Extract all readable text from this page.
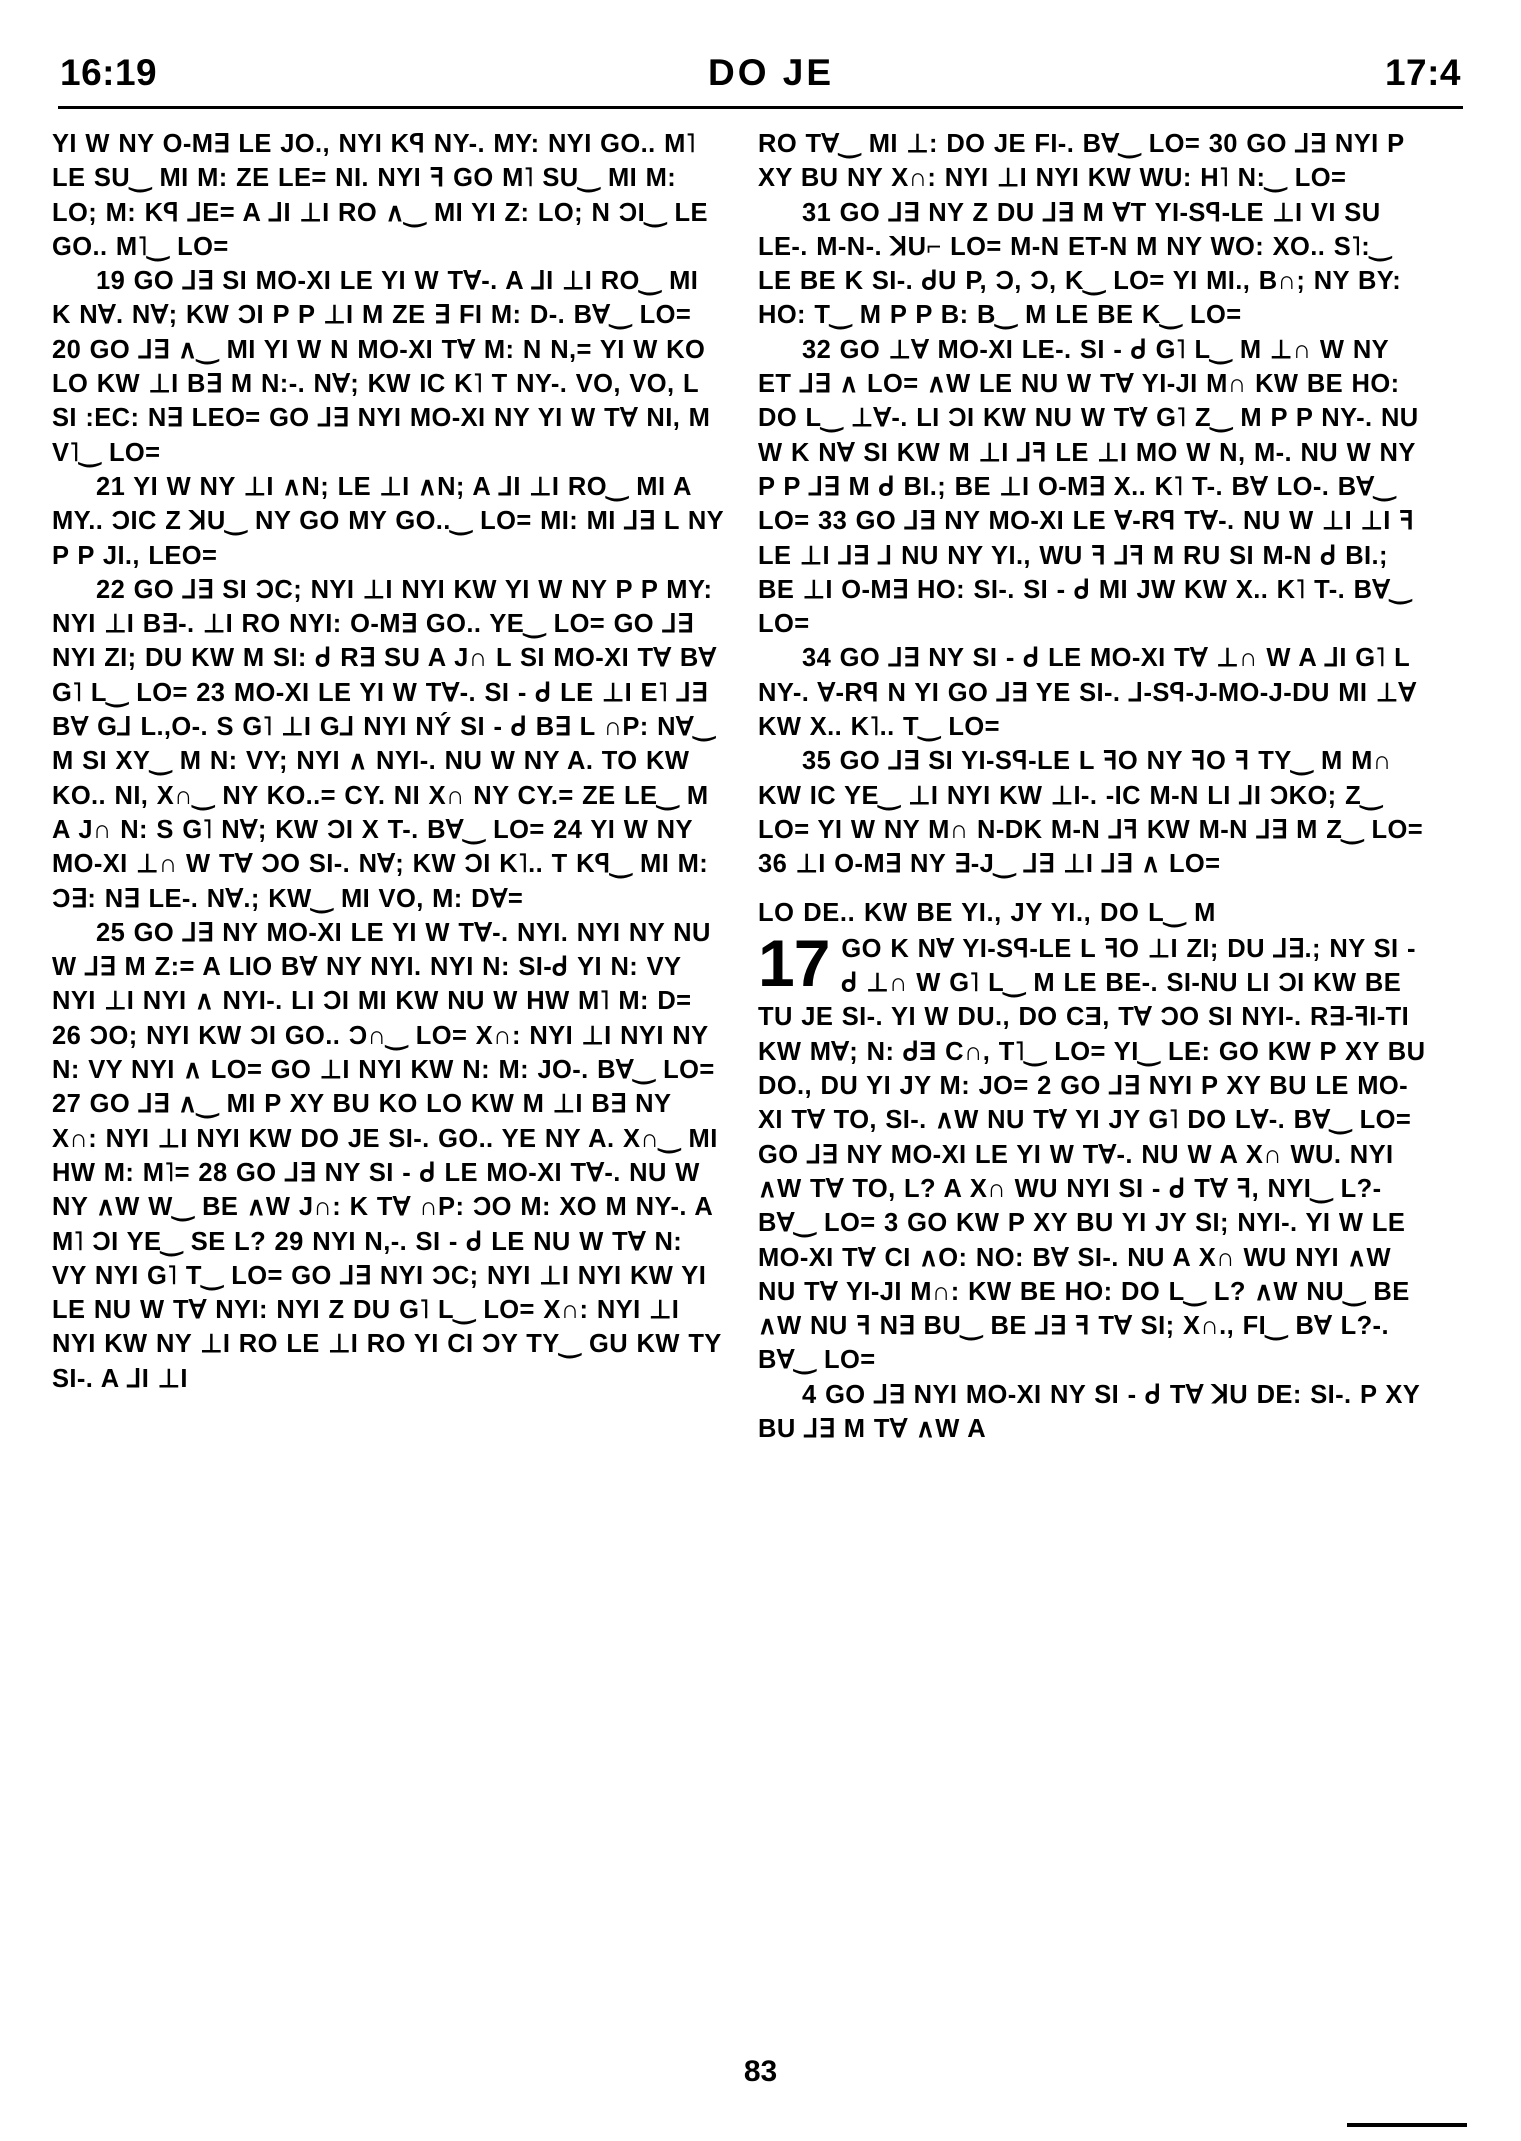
16:19	DO JE	17:4

YI W NY O-M∃ LE JO., NYI Kꟼ NY-. MY: NYI GO.. M˥ LE SU‿ MI M: ZE LE= NI. NYI ꟻ GO M˥ SU‿ MI M: LO; M: Kꟼ ⅃E= A ⅃I ⊥I RO ∧‿ MI YI Z: LO; N ƆI‿ LE GO.. M˥‿ LO=

19 GO ⅃∃ SI MO-XI LE YI W T∀-. A ⅃I ⊥I RO‿ MI K N∀. N∀; KW ƆI P P ⊥I M ZE ∃ FI M: D-. B∀‿ LO= 20 GO ⅃∃ ∧‿ MI YI W N MO-XI T∀ M: N N,= YI W KO LO KW ⊥I B∃ M N:-. N∀; KW IC K˥ T NY-. VO, VO, L SI :EC: N∃ LEO= GO ⅃∃ NYI MO-XI NY YI W T∀ NI, M V˥‿ LO=

21 YI W NY ⊥I ∧N; LE ⊥I ∧N; A ⅃I ⊥I RO‿ MI A MY.. ƆIC Z ꓘU‿ NY GO MY GO..‿ LO= MI: MI ⅃∃ L NY P P JI., LEO=

22 GO ⅃∃ SI ƆC; NYI ⊥I NYI KW YI W NY P P MY: NYI ⊥I B∃-. ⊥I RO NYI: O-M∃ GO.. YE‿ LO= GO ⅃∃ NYI ZI; DU KW M SI: ᑯ R∃ SU A J∩ L SI MO-XI T∀ B∀ G˥ L‿ LO= 23 MO-XI LE YI W T∀-. SI - ᑯ LE ⊥I E˥ ⅃∃ B∀ G⅃ L.,O-. S G˥ ⊥I G⅃ NYI NÝ SI - ᑯ B∃ L ∩P: N∀‿ M SI XY‿ M N: VY; NYI ∧ NYI-. NU W NY A. TO KW KO.. NI, X∩‿ NY KO..= CY. NI X∩ NY CY.= ZE LE‿ M A J∩ N: S G˥ N∀; KW ƆI X T-. B∀‿ LO= 24 YI W NY MO-XI ⊥∩ W T∀ ƆO SI-. N∀; KW ƆI K˥.. T Kꟼ‿ MI M: Ɔ∃: N∃ LE-. N∀.; KW‿ MI VO, M: D∀=

25 GO ⅃∃ NY MO-XI LE YI W T∀-. NYI. NYI NY NU W ⅃∃ M Z:= A LIO B∀ NY NYI. NYI N: SI-ᑯ YI N: VY NYI ⊥I NYI ∧ NYI-. LI ƆI MI KW NU W HW M˥ M: D= 26 ƆO; NYI KW ƆI GO.. Ɔ∩‿ LO= X∩: NYI ⊥I NYI NY N: VY NYI ∧ LO= GO ⊥I NYI KW N: M: JO-. B∀‿ LO= 27 GO ⅃∃ ∧‿ MI P XY BU KO LO KW M ⊥I B∃ NY X∩: NYI ⊥I NYI KW DO JE SI-. GO.. YE NY A. X∩‿ MI HW M: M˥= 28 GO ⅃∃ NY SI - ᑯ LE MO-XI T∀-. NU W NY ∧W W‿ BE ∧W J∩: K T∀ ∩P: ƆO M: XO M NY-. A M˥ ƆI YE‿ SE L? 29 NYI N,-. SI - ᑯ LE NU W T∀ N: VY NYI G˥ T‿ LO= GO ⅃∃ NYI ƆC; NYI ⊥I NYI KW YI LE NU W T∀ NYI: NYI Z DU G˥ L‿ LO= X∩: NYI ⊥I NYI KW NY ⊥I RO LE ⊥I RO YI CI ƆY TY‿ GU KW TY SI-. A ⅃I ⊥I

RO T∀‿ MI ⊥: DO JE FI-. B∀‿ LO= 30 GO ⅃∃ NYI P XY BU NY X∩: NYI ⊥I NYI KW WU: H˥ N:‿ LO=

31 GO ⅃∃ NY Z DU ⅃∃ M ∀T YI-Sꟼ-LE ⊥I VI SU LE-. M-N-. ꓘU⌐ LO= M-N ET-N M NY WO: XO.. S˥:‿ LE BE K SI-. ᑯU P, Ɔ, Ɔ, K‿ LO= YI MI., B∩; NY BY: HO: T‿ M P P B: B‿ M LE BE K‿ LO=

32 GO ⊥∀ MO-XI LE-. SI - ᑯ G˥ L‿ M ⊥∩ W NY ET ⅃∃ ∧ LO= ∧W LE NU W T∀ YI-JI M∩ KW BE HO: DO L‿ ⊥∀-. LI ƆI KW NU W T∀ G˥ Z‿ M P P NY-. NU W K N∀ SI KW M ⊥I ⅃ꟻ LE ⊥I MO W N, M-. NU W NY P P ⅃∃ M ᑯ BI.; BE ⊥I O-M∃ X.. K˥ T-. B∀ LO-. B∀‿ LO= 33 GO ⅃∃ NY MO-XI LE ∀-Rꟼ T∀-. NU W ⊥I ⊥I ꟻ LE ⊥I ⅃∃ ⅃ NU NY YI., WU ꟻ ⅃ꟻ M RU SI M-N ᑯ BI.; BE ⊥I O-M∃ HO: SI-. SI - ᑯ MI JW KW X.. K˥ T-. B∀‿ LO=

34 GO ⅃∃ NY SI - ᑯ LE MO-XI T∀ ⊥∩ W A ⅃I G˥ L NY-. ∀-Rꟼ N YI GO ⅃∃ YE SI-. ⅃-Sꟼ-J-MO-J-DU MI ⊥∀ KW X.. K˥.. T‿ LO=

35 GO ⅃∃ SI YI-Sꟼ-LE L ꟻO NY ꟻO ꟻ TY‿ M M∩ KW IC YE‿ ⊥I NYI KW ⊥I-. -IC M-N LI ⅃I ƆKO; Z‿ LO= YI W NY M∩ N-DK M-N ⅃ꟻ KW M-N ⅃∃ M Z‿ LO= 36 ⊥I O-M∃ NY ∃-J‿ ⅃∃ ⊥I ⅃∃ ∧ LO=

LO DE.. KW BE YI., JY YI., DO L‿ M
17 GO K N∀ YI-Sꟼ-LE L ꟻO ⊥I ZI; DU ⅃∃.; NY SI - ᑯ ⊥∩ W G˥ L‿ M LE BE-. SI-NU LI ƆI KW BE TU JE SI-. YI W DU., DO CƎ, T∀ ƆO SI NYI-. R∃-ꟻI-TI KW M∀; N: ᑯƎ C∩, T˥‿ LO= YI‿ LE: GO KW P XY BU DO., DU YI JY M: JO= 2 GO ⅃∃ NYI P XY BU LE MO-XI T∀ TO, SI-. ∧W NU T∀ YI JY G˥ DO L∀-. B∀‿ LO= GO ⅃∃ NY MO-XI LE YI W T∀-. NU W A X∩ WU. NYI ∧W T∀ TO, L? A X∩ WU NYI SI - ᑯ T∀ ꟻ, NYI‿ L?- B∀‿ LO= 3 GO KW P XY BU YI JY SI; NYI-. YI W LE MO-XI T∀ CI ∧O: NO: B∀ SI-. NU A X∩ WU NYI ∧W NU T∀ YI-JI M∩: KW BE HO: DO L‿ L? ∧W NU‿ BE ∧W NU ꟻ N∃ BU‿ BE ⅃∃ ꟻ T∀ SI; X∩., FI‿ B∀ L?-. B∀‿ LO=

4 GO ⅃∃ NYI MO-XI NY SI - ᑯ T∀ ꓘU DE: SI-. P XY BU ⅃∃ M T∀ ∧W A

83
